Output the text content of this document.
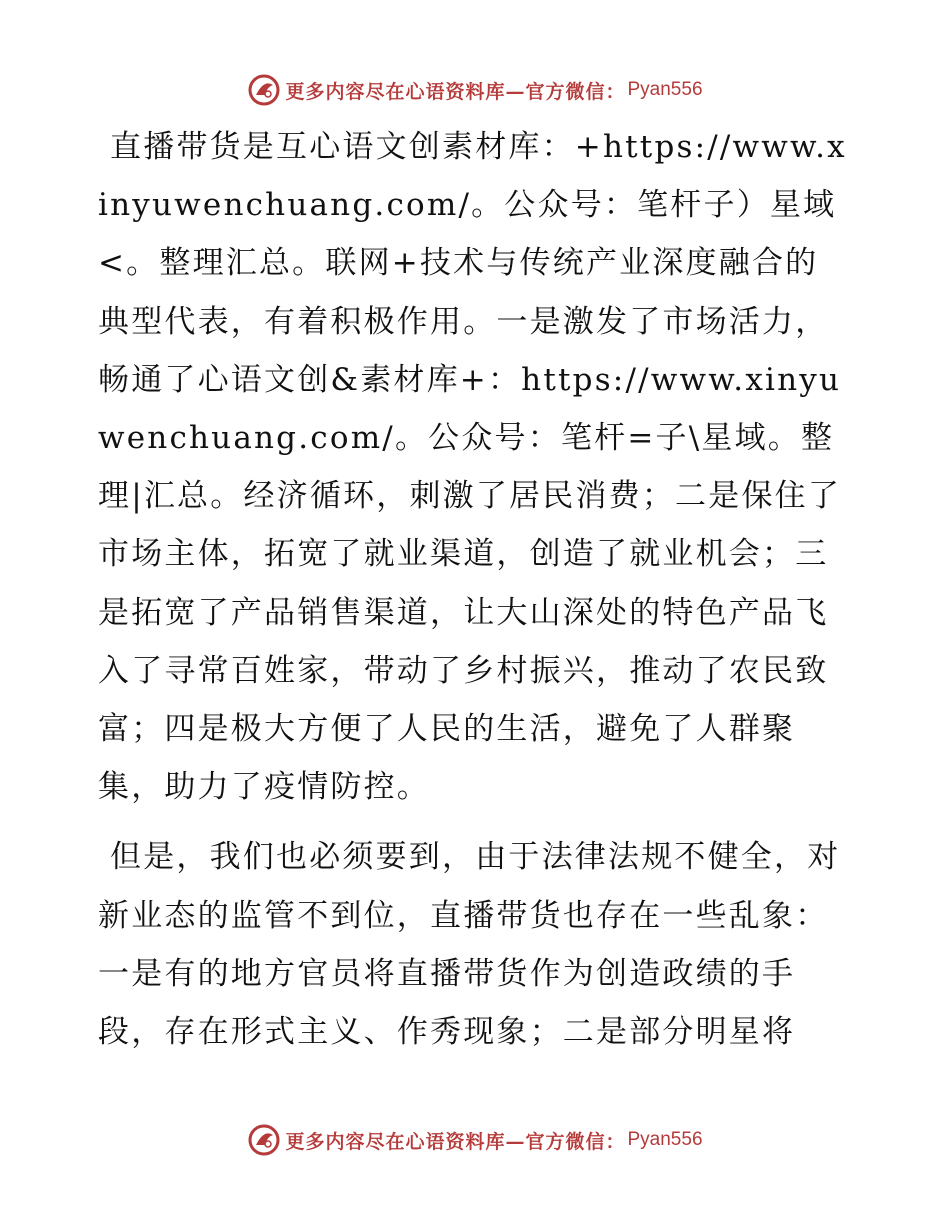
更多内容尽在心语资料库—官方微信： Pyan556

直播带货是互心语文创素材库：+https://www.xinyuwenchuang.com/。公众号：笔杆子）星域<。整理汇总。联网+技术与传统产业深度融合的典型代表，有着积极作用。一是激发了市场活力，畅通了心语文创&素材库+：https://www.xinyuwenchuang.com/。公众号：笔杆=子\星域。整理|汇总。经济循环，刺激了居民消费；二是保住了市场主体，拓宽了就业渠道，创造了就业机会；三是拓宽了产品销售渠道，让大山深处的特色产品飞入了寻常百姓家，带动了乡村振兴，推动了农民致富；四是极大方便了人民的生活，避免了人群聚集，助力了疫情防控。

但是，我们也必须要到，由于法律法规不健全，对新业态的监管不到位，直播带货也存在一些乱象：一是有的地方官员将直播带货作为创造政绩的手段，存在形式主义、作秀现象；二是部分明星将

更多内容尽在心语资料库—官方微信： Pyan556
